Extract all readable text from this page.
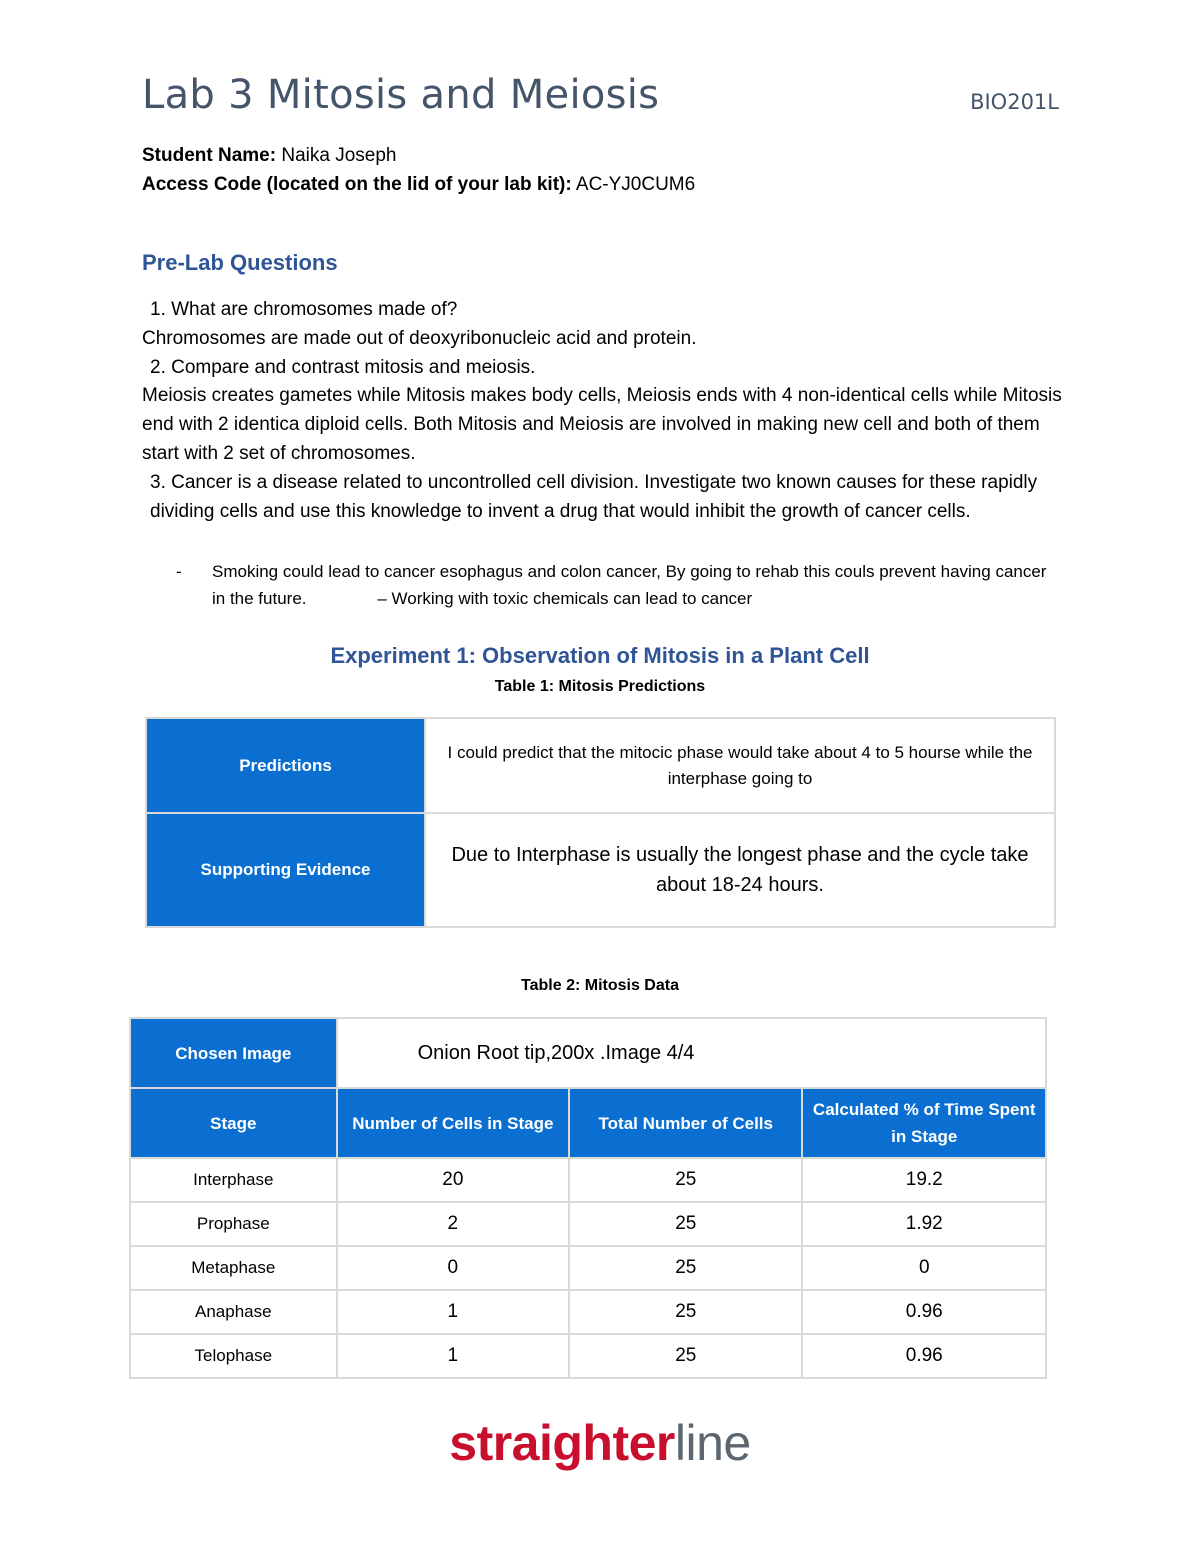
Lab 3 Mitosis and Meiosis	BIO201L
Student Name: Naika Joseph
Access Code (located on the lid of your lab kit): AC-YJ0CUM6
Pre-Lab Questions

1. What are chromosomes made of?

Chromosomes are made out of deoxyribonucleic acid and protein.

2. Compare and contrast mitosis and meiosis.

Meiosis creates gametes while Mitosis makes body cells, Meiosis ends with 4 non-identical cells while Mitosis end with 2 identica diploid cells. Both Mitosis and Meiosis are involved in making new cell and both of them start with 2 set of chromosomes.

3. Cancer is a disease related to uncontrolled cell division. Investigate two known causes for these rapidly dividing cells and use this knowledge to invent a drug that would inhibit the growth of cancer cells.

- Smoking could lead to cancer esophagus and colon cancer, By going to rehab this couls prevent having cancer in the future.	– Working with toxic chemicals can lead to cancer
Experiment 1: Observation of Mitosis in a Plant Cell
Table 1: Mitosis Predictions
Predictions	I could predict that the mitocic phase would take about 4 to 5 hourse while the interphase going to
Supporting Evidence	Due to Interphase is usually the longest phase and the cycle take about 18-24 hours.
Table 2: Mitosis Data
Chosen Image	Onion Root tip,200x .Image 4/4		
Stage	Number of Cells in Stage	Total Number of Cells	Calculated % of Time Spent in Stage
Interphase	20	25	19.2
Prophase	2	25	1.92
Metaphase	0	25	0
Anaphase	1	25	0.96
Telophase	1	25	0.96
straighterline
